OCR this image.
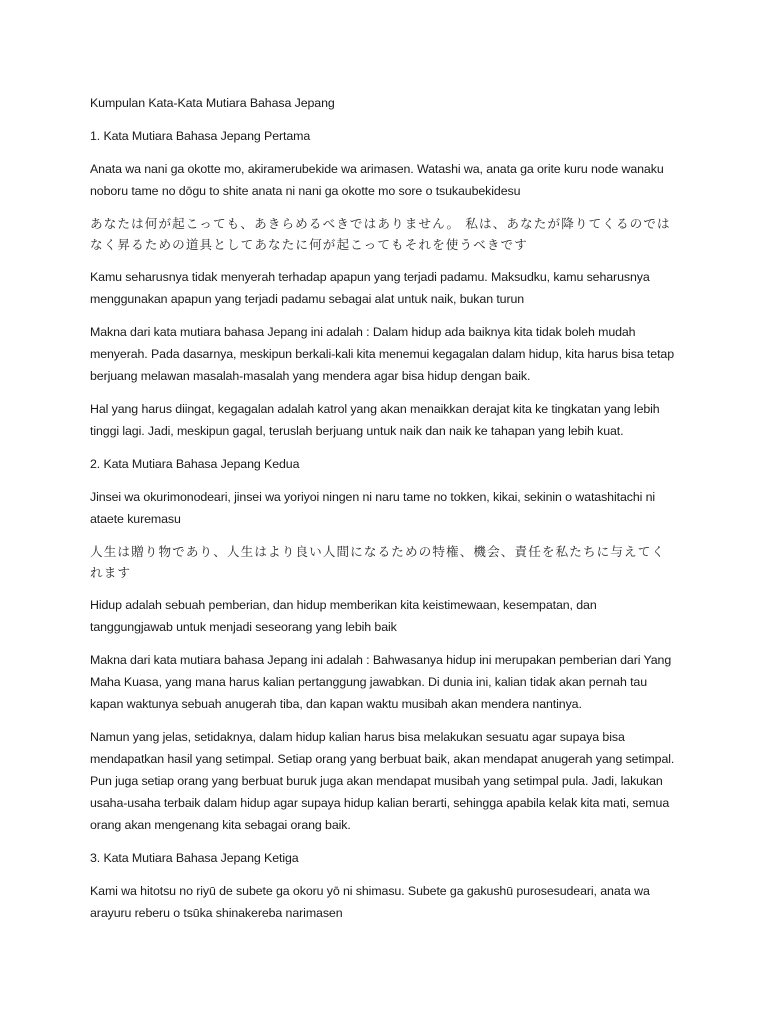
Kumpulan Kata-Kata Mutiara Bahasa Jepang

1. Kata Mutiara Bahasa Jepang Pertama

Anata wa nani ga okotte mo, akiramerubekide wa arimasen. Watashi wa, anata ga orite kuru node wanaku noboru tame no dōgu to shite anata ni nani ga okotte mo sore o tsukaubekidesu

あなたは何が起こっても、あきらめるべきではありません。 私は、あなたが降りてくるのではなく昇るための道具としてあなたに何が起こってもそれを使うべきです

Kamu seharusnya tidak menyerah terhadap apapun yang terjadi padamu. Maksudku, kamu seharusnya menggunakan apapun yang terjadi padamu sebagai alat untuk naik, bukan turun

Makna dari kata mutiara bahasa Jepang ini adalah : Dalam hidup ada baiknya kita tidak boleh mudah menyerah. Pada dasarnya, meskipun berkali-kali kita menemui kegagalan dalam hidup, kita harus bisa tetap berjuang melawan masalah-masalah yang mendera agar bisa hidup dengan baik.

Hal yang harus diingat, kegagalan adalah katrol yang akan menaikkan derajat kita ke tingkatan yang lebih tinggi lagi. Jadi, meskipun gagal, teruslah berjuang untuk naik dan naik ke tahapan yang lebih kuat.

2. Kata Mutiara Bahasa Jepang Kedua

Jinsei wa okurimonodeari, jinsei wa yoriyoi ningen ni naru tame no tokken, kikai, sekinin o watashitachi ni ataete kuremasu

人生は贈り物であり、人生はより良い人間になるための特権、機会、責任を私たちに与えてくれます

Hidup adalah sebuah pemberian, dan hidup memberikan kita keistimewaan, kesempatan, dan tanggungjawab untuk menjadi seseorang yang lebih baik

Makna dari kata mutiara bahasa Jepang ini adalah : Bahwasanya hidup ini merupakan pemberian dari Yang Maha Kuasa, yang mana harus kalian pertanggung jawabkan. Di dunia ini, kalian tidak akan pernah tau kapan waktunya sebuah anugerah tiba, dan kapan waktu musibah akan mendera nantinya.

Namun yang jelas, setidaknya, dalam hidup kalian harus bisa melakukan sesuatu agar supaya bisa mendapatkan hasil yang setimpal. Setiap orang yang berbuat baik, akan mendapat anugerah yang setimpal. Pun juga setiap orang yang berbuat buruk juga akan mendapat musibah yang setimpal pula. Jadi, lakukan usaha-usaha terbaik dalam hidup agar supaya hidup kalian berarti, sehingga apabila kelak kita mati, semua orang akan mengenang kita sebagai orang baik.

3. Kata Mutiara Bahasa Jepang Ketiga

Kami wa hitotsu no riyū de subete ga okoru yō ni shimasu. Subete ga gakushū purosesudeari, anata wa arayuru reberu o tsūka shinakereba narimasen
